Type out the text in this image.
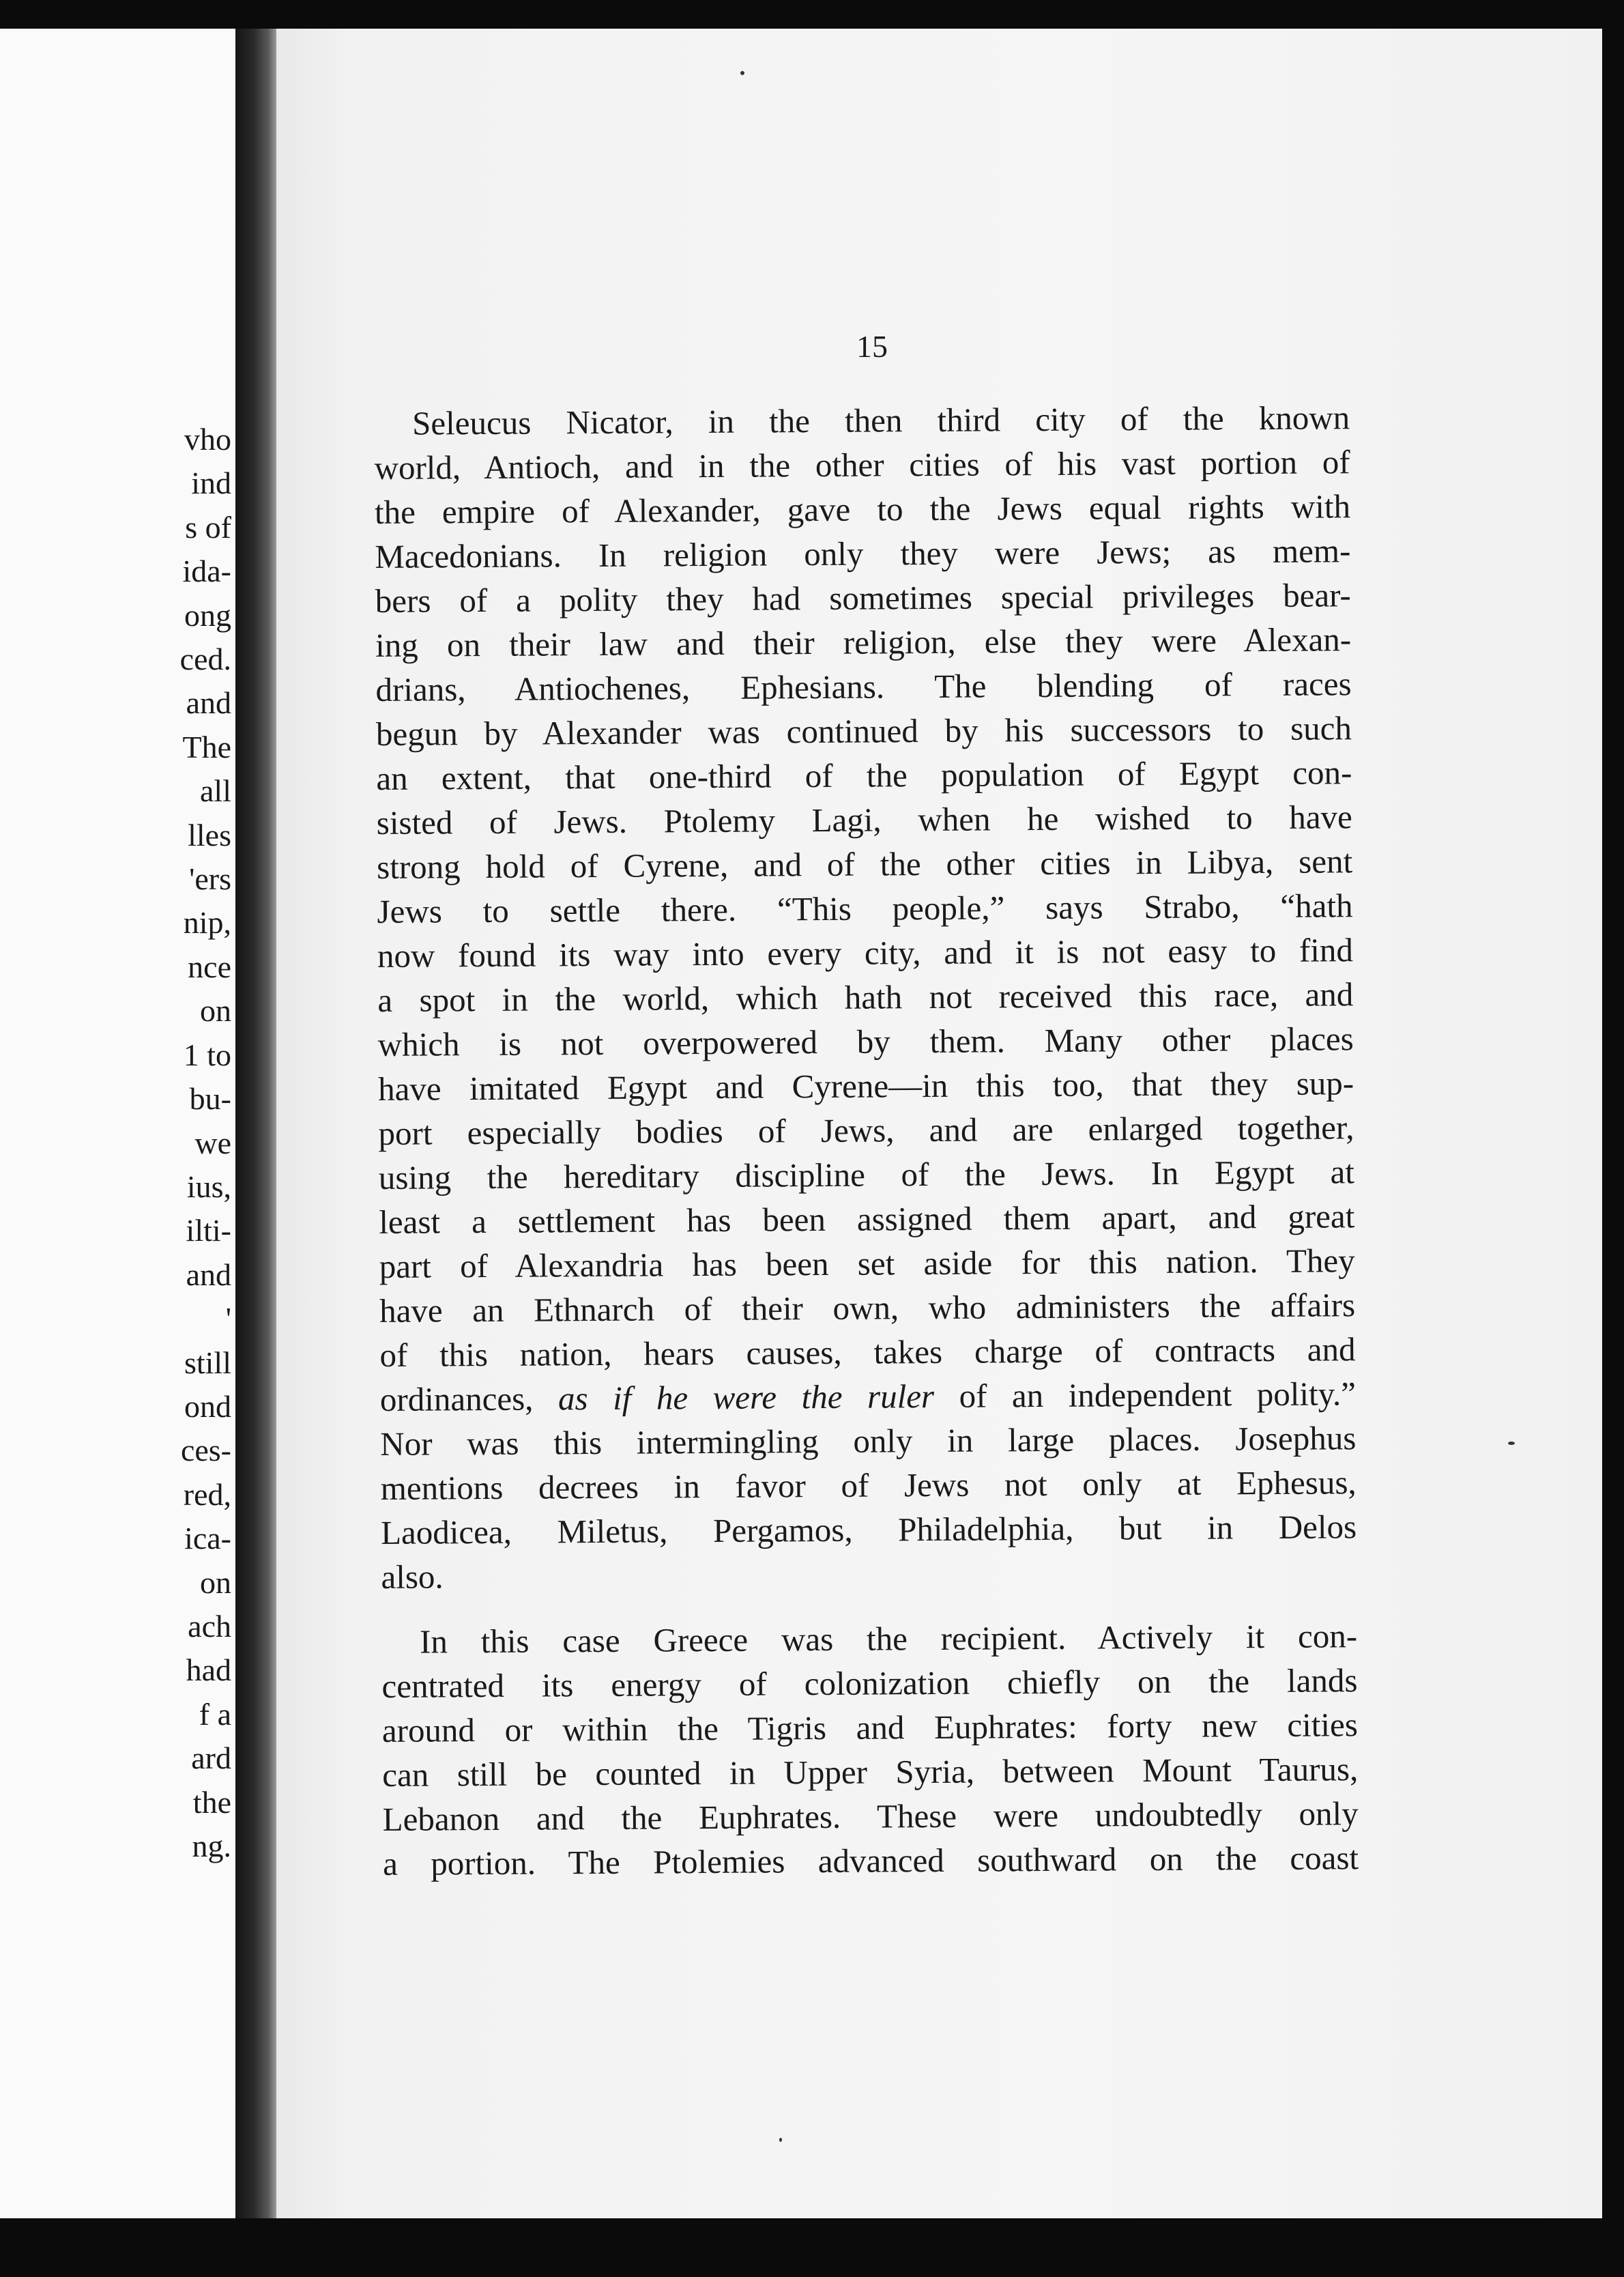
vho
ind
s of
ida-
ong
ced.
and
The
all
lles
'ers
nip,
nce
on
1 to
bu-
we
ius,
ilti-
and
'
still
ond
ces-
red,
ica-
on
ach
had
f a
ard
the
ng.
15
Seleucus Nicator, in the then third city of the known
world, Antioch, and in the other cities of his vast portion of
the empire of Alexander, gave to the Jews equal rights with
Macedonians. In religion only they were Jews; as mem-
bers of a polity they had sometimes special privileges bear-
ing on their law and their religion, else they were Alexan-
drians, Antiochenes, Ephesians. The blending of races
begun by Alexander was continued by his successors to such
an extent, that one-third of the population of Egypt con-
sisted of Jews. Ptolemy Lagi, when he wished to have
strong hold of Cyrene, and of the other cities in Libya, sent
Jews to settle there. “This people,” says Strabo, “hath
now found its way into every city, and it is not easy to find
a spot in the world, which hath not received this race, and
which is not overpowered by them. Many other places
have imitated Egypt and Cyrene—in this too, that they sup-
port especially bodies of Jews, and are enlarged together,
using the hereditary discipline of the Jews. In Egypt at
least a settlement has been assigned them apart, and great
part of Alexandria has been set aside for this nation. They
have an Ethnarch of their own, who administers the affairs
of this nation, hears causes, takes charge of contracts and
ordinances, as if he were the ruler of an independent polity.”
Nor was this intermingling only in large places. Josephus
mentions decrees in favor of Jews not only at Ephesus,
Laodicea, Miletus, Pergamos, Philadelphia, but in Delos
also.
In this case Greece was the recipient. Actively it con-
centrated its energy of colonization chiefly on the lands
around or within the Tigris and Euphrates: forty new cities
can still be counted in Upper Syria, between Mount Taurus,
Lebanon and the Euphrates. These were undoubtedly only
a portion. The Ptolemies advanced southward on the coast
